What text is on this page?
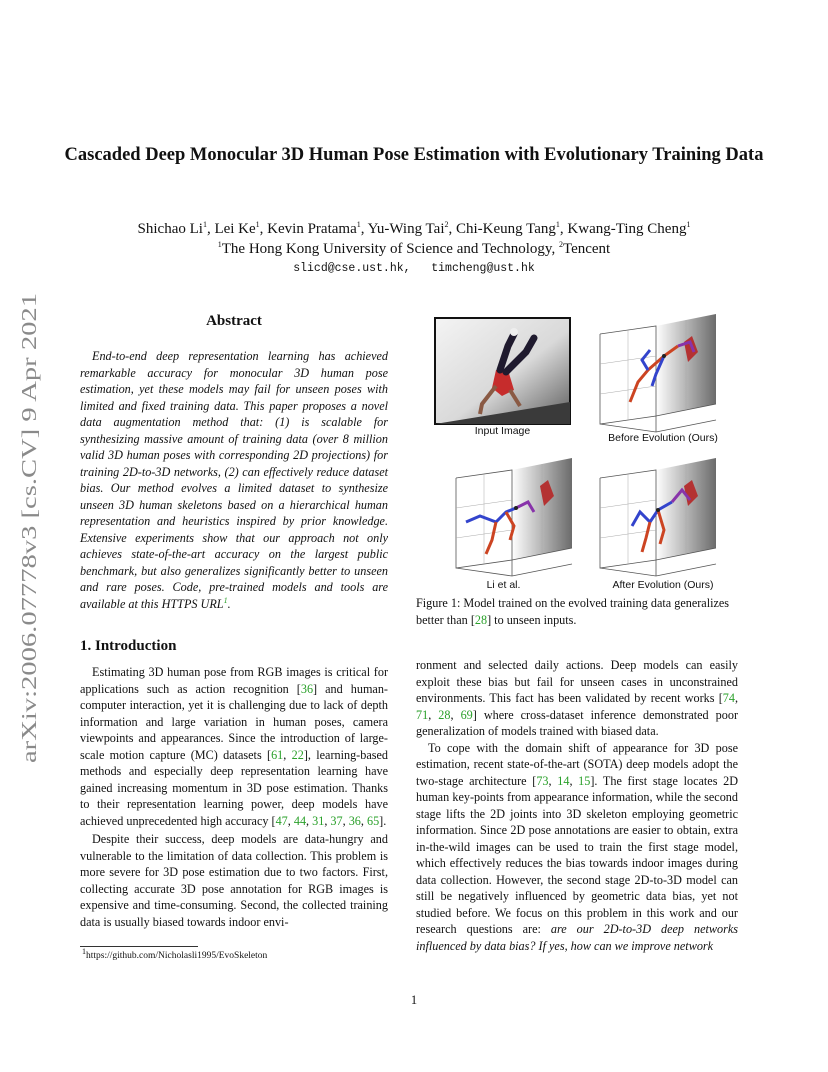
arXiv:2006.07778v3 [cs.CV] 9 Apr 2021
Cascaded Deep Monocular 3D Human Pose Estimation with Evolutionary Training Data
Shichao Li$^1$, Lei Ke$^1$, Kevin Pratama$^1$, Yu-Wing Tai$^2$, Chi-Keung Tang$^1$, Kwang-Ting Cheng$^1$
$^1$The Hong Kong University of Science and Technology, $^2$Tencent
slicd@cse.ust.hk,   timcheng@ust.hk
Abstract
End-to-end deep representation learning has achieved remarkable accuracy for monocular 3D human pose estimation, yet these models may fail for unseen poses with limited and fixed training data. This paper proposes a novel data augmentation method that: (1) is scalable for synthesizing massive amount of training data (over 8 million valid 3D human poses with corresponding 2D projections) for training 2D-to-3D networks, (2) can effectively reduce dataset bias. Our method evolves a limited dataset to synthesize unseen 3D human skeletons based on a hierarchical human representation and heuristics inspired by prior knowledge. Extensive experiments show that our approach not only achieves state-of-the-art accuracy on the largest public benchmark, but also generalizes significantly better to unseen and rare poses. Code, pre-trained models and tools are available at this HTTPS URL$^1$.
Input Image
Before Evolution (Ours)
Li et al.	After Evolution (Ours)
Figure 1: Model trained on the evolved training data generalizes better than [28] to unseen inputs.
1. Introduction

Estimating 3D human pose from RGB images is critical for applications such as action recognition [36] and human-computer interaction, yet it is challenging due to lack of depth information and large variation in human poses, camera viewpoints and appearances. Since the introduction of large-scale motion capture (MC) datasets [61, 22], learning-based methods and especially deep representation learning have gained increasing momentum in 3D pose estimation. Thanks to their representation learning power, deep models have achieved unprecedented high accuracy [47, 44, 31, 37, 36, 65].

Despite their success, deep models are data-hungry and vulnerable to the limitation of data collection. This problem is more severe for 3D pose estimation due to two factors. First, collecting accurate 3D pose annotation for RGB images is expensive and time-consuming. Second, the collected training data is usually biased towards indoor envi-

$^1$https://github.com/Nicholasli1995/EvoSkeleton

ronment and selected daily actions. Deep models can easily exploit these bias but fail for unseen cases in unconstrained environments. This fact has been validated by recent works [74, 71, 28, 69] where cross-dataset inference demonstrated poor generalization of models trained with biased data.

To cope with the domain shift of appearance for 3D pose estimation, recent state-of-the-art (SOTA) deep models adopt the two-stage architecture [73, 14, 15]. The first stage locates 2D human key-points from appearance information, while the second stage lifts the 2D joints into 3D skeleton employing geometric information. Since 2D pose annotations are easier to obtain, extra in-the-wild images can be used to train the first stage model, which effectively reduces the bias towards indoor images during data collection. However, the second stage 2D-to-3D model can still be negatively influenced by geometric data bias, yet not studied before. We focus on this problem in this work and our research questions are: are our 2D-to-3D deep networks influenced by data bias? If yes, how can we improve network

1
